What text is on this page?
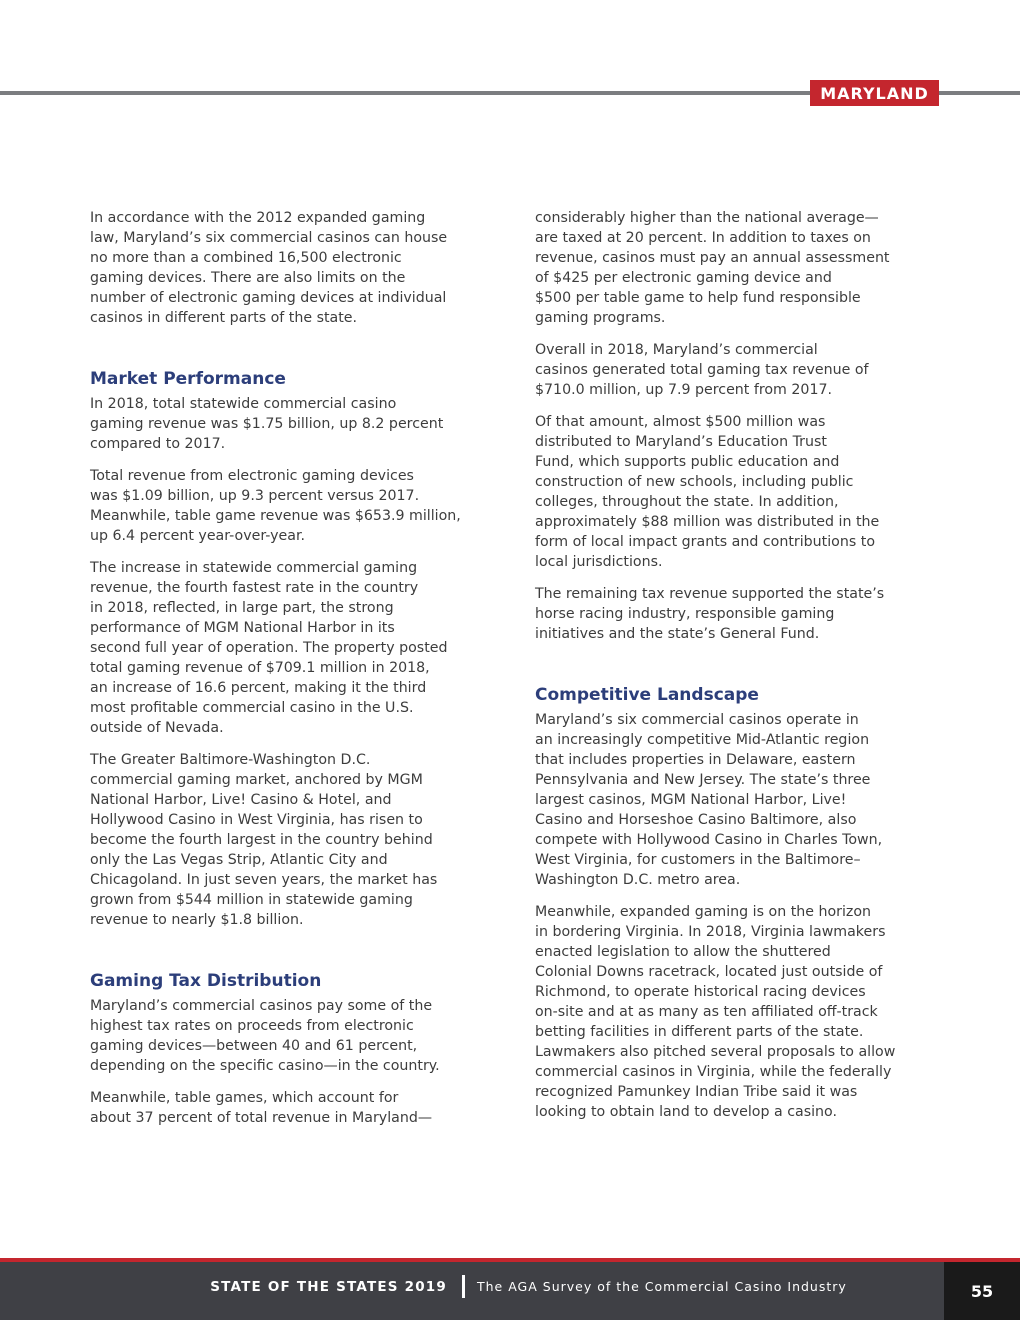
MARYLAND

In accordance with the 2012 expanded gaming
law, Maryland’s six commercial casinos can house
no more than a combined 16,500 electronic
gaming devices. There are also limits on the
number of electronic gaming devices at individual
casinos in different parts of the state.

Market Performance

In 2018, total statewide commercial casino
gaming revenue was $1.75 billion, up 8.2 percent
compared to 2017.

Total revenue from electronic gaming devices
was $1.09 billion, up 9.3 percent versus 2017.
Meanwhile, table game revenue was $653.9 million,
up 6.4 percent year-over-year.

The increase in statewide commercial gaming
revenue, the fourth fastest rate in the country
in 2018, reflected, in large part, the strong
performance of MGM National Harbor in its
second full year of operation. The property posted
total gaming revenue of $709.1 million in 2018,
an increase of 16.6 percent, making it the third
most profitable commercial casino in the U.S.
outside of Nevada.

The Greater Baltimore-Washington D.C.
commercial gaming market, anchored by MGM
National Harbor, Live! Casino & Hotel, and
Hollywood Casino in West Virginia, has risen to
become the fourth largest in the country behind
only the Las Vegas Strip, Atlantic City and
Chicagoland. In just seven years, the market has
grown from $544 million in statewide gaming
revenue to nearly $1.8 billion.

Gaming Tax Distribution

Maryland’s commercial casinos pay some of the
highest tax rates on proceeds from electronic
gaming devices—between 40 and 61 percent,
depending on the specific casino—in the country.

Meanwhile, table games, which account for
about 37 percent of total revenue in Maryland—

considerably higher than the national average—
are taxed at 20 percent. In addition to taxes on
revenue, casinos must pay an annual assessment
of $425 per electronic gaming device and
$500 per table game to help fund responsible
gaming programs.

Overall in 2018, Maryland’s commercial
casinos generated total gaming tax revenue of
$710.0 million, up 7.9 percent from 2017.

Of that amount, almost $500 million was
distributed to Maryland’s Education Trust
Fund, which supports public education and
construction of new schools, including public
colleges, throughout the state. In addition,
approximately $88 million was distributed in the
form of local impact grants and contributions to
local jurisdictions.

The remaining tax revenue supported the state’s
horse racing industry, responsible gaming
initiatives and the state’s General Fund.

Competitive Landscape

Maryland’s six commercial casinos operate in
an increasingly competitive Mid-Atlantic region
that includes properties in Delaware, eastern
Pennsylvania and New Jersey. The state’s three
largest casinos, MGM National Harbor, Live!
Casino and Horseshoe Casino Baltimore, also
compete with Hollywood Casino in Charles Town,
West Virginia, for customers in the Baltimore–
Washington D.C. metro area.

Meanwhile, expanded gaming is on the horizon
in bordering Virginia. In 2018, Virginia lawmakers
enacted legislation to allow the shuttered
Colonial Downs racetrack, located just outside of
Richmond, to operate historical racing devices
on-site and at as many as ten affiliated off-track
betting facilities in different parts of the state.
Lawmakers also pitched several proposals to allow
commercial casinos in Virginia, while the federally
recognized Pamunkey Indian Tribe said it was
looking to obtain land to develop a casino.

STATE OF THE STATES 2019 The AGA Survey of the Commercial Casino Industry	55
